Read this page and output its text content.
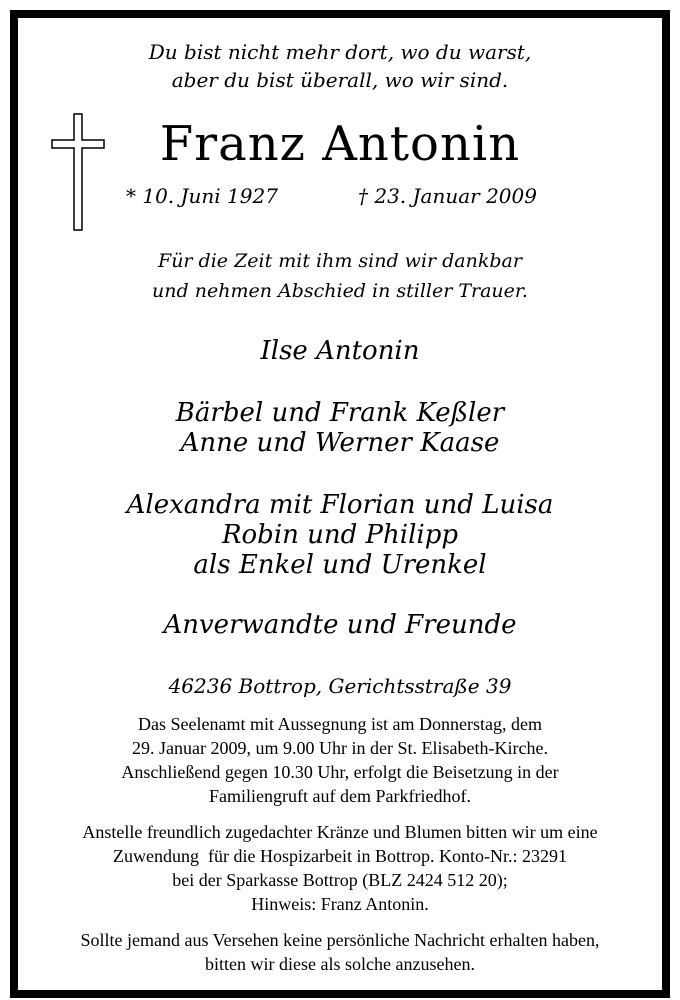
Du bist nicht mehr dort, wo du warst,
aber du bist überall, wo wir sind.
Franz Antonin
* 10. Juni 1927	† 23. Januar 2009
Für die Zeit mit ihm sind wir dankbar
und nehmen Abschied in stiller Trauer.
Ilse Antonin
Bärbel und Frank Keßler
Anne und Werner Kaase
Alexandra mit Florian und Luisa
Robin und Philipp
als Enkel und Urenkel
Anverwandte und Freunde
46236 Bottrop, Gerichtsstraße 39
Das Seelenamt mit Aussegnung ist am Donnerstag, dem
29. Januar 2009, um 9.00 Uhr in der St. Elisabeth-Kirche.
Anschließend gegen 10.30 Uhr, erfolgt die Beisetzung in der
Familiengruft auf dem Parkfriedhof.
Anstelle freundlich zugedachter Kränze und Blumen bitten wir um eine
Zuwendung  für die Hospizarbeit in Bottrop. Konto-Nr.: 23291
bei der Sparkasse Bottrop (BLZ 2424 512 20);
Hinweis: Franz Antonin.
Sollte jemand aus Versehen keine persönliche Nachricht erhalten haben,
bitten wir diese als solche anzusehen.
